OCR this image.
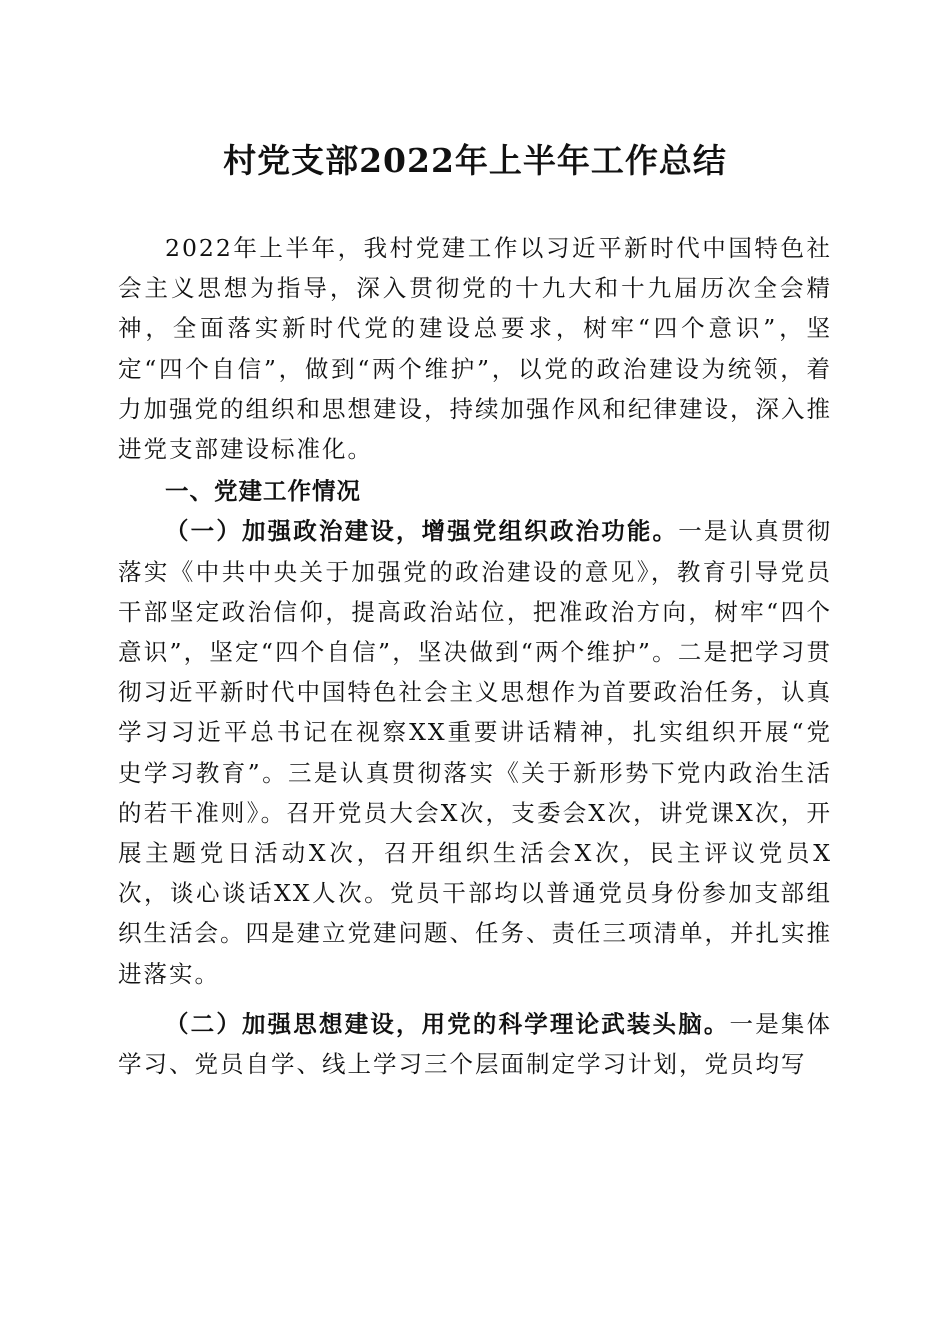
村党支部2022年上半年工作总结

2022年上半年，我村党建工作以习近平新时代中国特色社会主义思想为指导，深入贯彻党的十九大和十九届历次全会精神，全面落实新时代党的建设总要求，树牢“四个意识”，坚定“四个自信”，做到“两个维护”，以党的政治建设为统领，着力加强党的组织和思想建设，持续加强作风和纪律建设，深入推进党支部建设标准化。

一、党建工作情况

（一）加强政治建设，增强党组织政治功能。一是认真贯彻落实《中共中央关于加强党的政治建设的意见》，教育引导党员干部坚定政治信仰，提高政治站位，把准政治方向，树牢“四个意识”，坚定“四个自信”，坚决做到“两个维护”。二是把学习贯彻习近平新时代中国特色社会主义思想作为首要政治任务，认真学习习近平总书记在视察XX重要讲话精神，扎实组织开展“党史学习教育”。三是认真贯彻落实《关于新形势下党内政治生活的若干准则》。召开党员大会X次，支委会X次，讲党课X次，开展主题党日活动X次，召开组织生活会X次，民主评议党员X次，谈心谈话XX人次。党员干部均以普通党员身份参加支部组织生活会。四是建立党建问题、任务、责任三项清单，并扎实推进落实。

（二）加强思想建设，用党的科学理论武装头脑。一是集体学习、党员自学、线上学习三个层面制定学习计划，党员均写
